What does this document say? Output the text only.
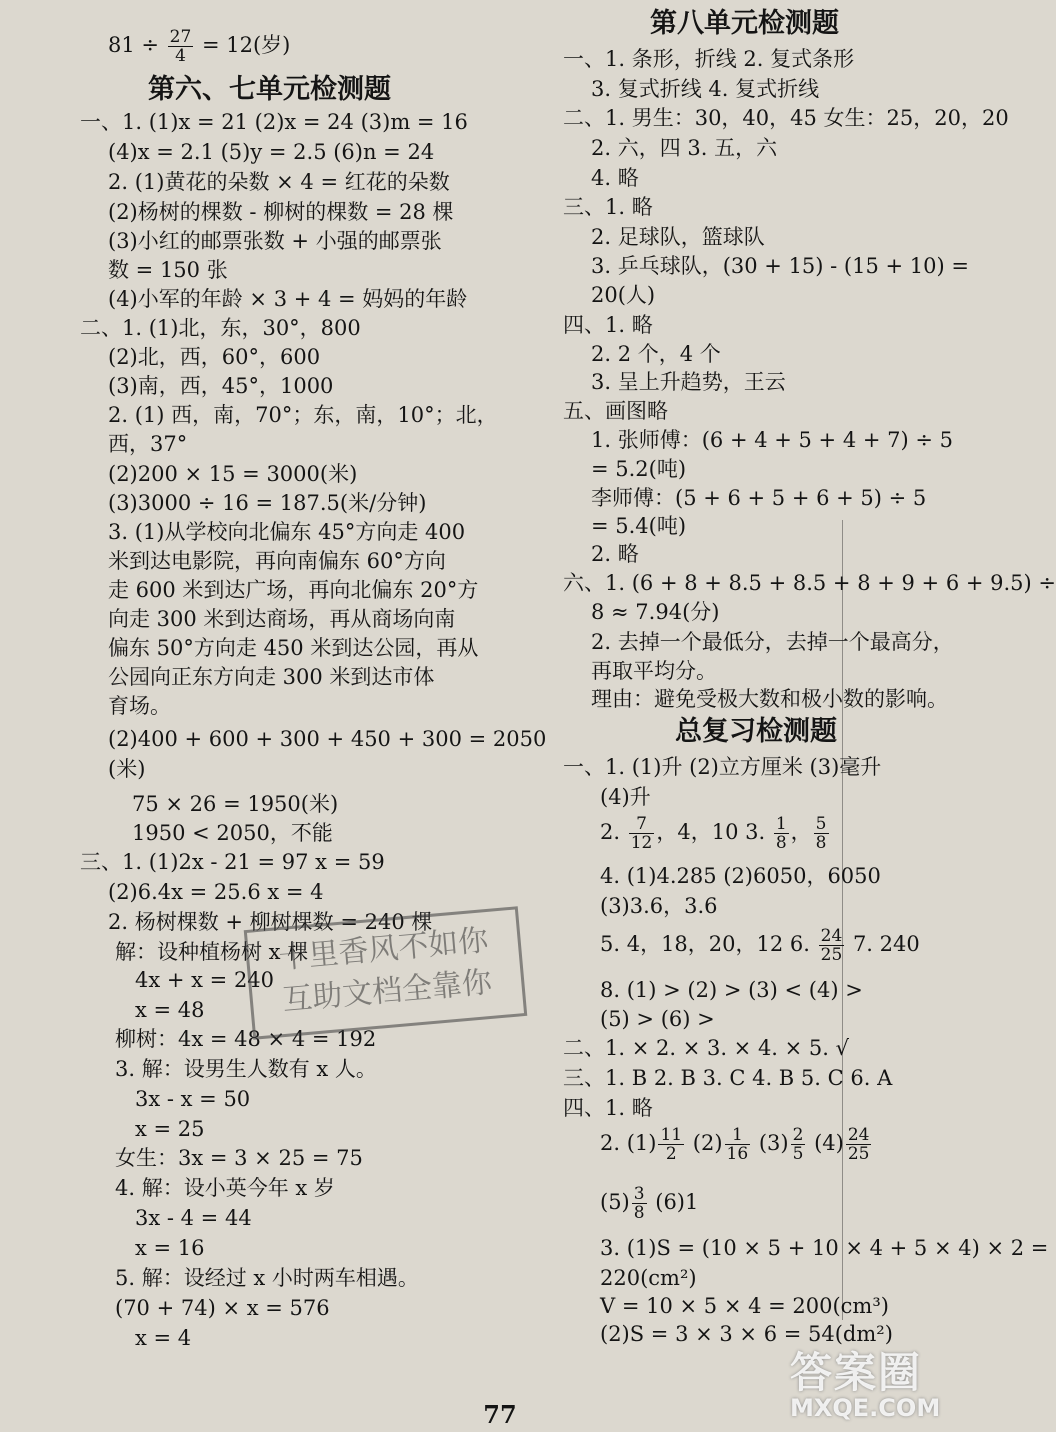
$81 \div \frac{27}{4} = 12$(岁)
第六、七单元检测题
一、1. (1)x = 21 (2)x = 24 (3)m = 16
(4)x = 2.1 (5)y = 2.5 (6)n = 24
2. (1)黄花的朵数 × 4 = 红花的朵数
(2)杨树的棵数 - 柳树的棵数 = 28 棵
(3)小红的邮票张数 + 小强的邮票张
数 = 150 张
(4)小军的年龄 × 3 + 4 = 妈妈的年龄
二、1. (1)北，东，30°，800
(2)北，西，60°，600
(3)南，西，45°，1000
2. (1) 西，南，70°；东，南，10°；北，
西，37°
(2)200 × 15 = 3000(米)
(3)3000 ÷ 16 = 187.5(米/分钟)
3. (1)从学校向北偏东 45°方向走 400
米到达电影院，再向南偏东 60°方向
走 600 米到达广场，再向北偏东 20°方
向走 300 米到达商场，再从商场向南
偏东 50°方向走 450 米到达公园，再从
公园向正东方向走 300 米到达市体
育场。
(2)400 + 600 + 300 + 450 + 300 = 2050
(米)
75 × 26 = 1950(米)
1950 < 2050，不能
三、1. (1)2x - 21 = 97 x = 59
(2)6.4x = 25.6 x = 4
2. 杨树棵数 + 柳树棵数 = 240 棵
解：设种植杨树 x 棵
4x + x = 240
x = 48
柳树：4x = 48 × 4 = 192
3. 解：设男生人数有 x 人。
3x - x = 50
x = 25
女生：3x = 3 × 25 = 75
4. 解：设小英今年 x 岁
3x - 4 = 44
x = 16
5. 解：设经过 x 小时两车相遇。
(70 + 74) × x = 576
x = 4
第八单元检测题
一、1. 条形，折线 2. 复式条形
3. 复式折线 4. 复式折线
二、1. 男生：30，40，45 女生：25，20，20
2. 六，四 3. 五，六
4. 略
三、1. 略
2. 足球队，篮球队
3. 乒乓球队，(30 + 15) - (15 + 10) =
20(人)
四、1. 略
2. 2 个，4 个
3. 呈上升趋势，王云
五、画图略
1. 张师傅：(6 + 4 + 5 + 4 + 7) ÷ 5
= 5.2(吨)
李师傅：(5 + 6 + 5 + 6 + 5) ÷ 5
= 5.4(吨)
2. 略
六、1. (6 + 8 + 8.5 + 8.5 + 8 + 9 + 6 + 9.5) ÷
8 ≈ 7.94(分)
2. 去掉一个最低分，去掉一个最高分，
再取平均分。
理由：避免受极大数和极小数的影响。
总复习检测题
一、1. (1)升 (2)立方厘米 (3)毫升
(4)升
2. $\frac{7}{12}$ ，4，10 3. $\frac{1}{8}$ ， $\frac{5}{8}$
4. (1)4.285 (2)6050，6050
(3)3.6，3.6
5. 4，18，20，12 6. $\frac{24}{25} 7$. 240
8. (1) > (2) > (3) < (4) >
(5) > (6) >
二、1. × 2. × 3. × 4. × 5. √
三、1. B 2. B 3. C 4. B 5. C 6. A
四、1. 略
2. $(1) \frac{11}{2} (2) \frac{1}{16} (3) \frac{2}{5} (4) \frac{24}{25}$
$(5) \frac{3}{8} (6)1$
3. (1)S = (10 × 5 + 10 × 4 + 5 × 4) × 2 =
220(cm²)
V = 10 × 5 × 4 = 200(cm³)
(2)S = 3 × 3 × 6 = 54(dm²)
十里香风不如你
互助文档全靠你
77
答案圈
MXQE.COM
